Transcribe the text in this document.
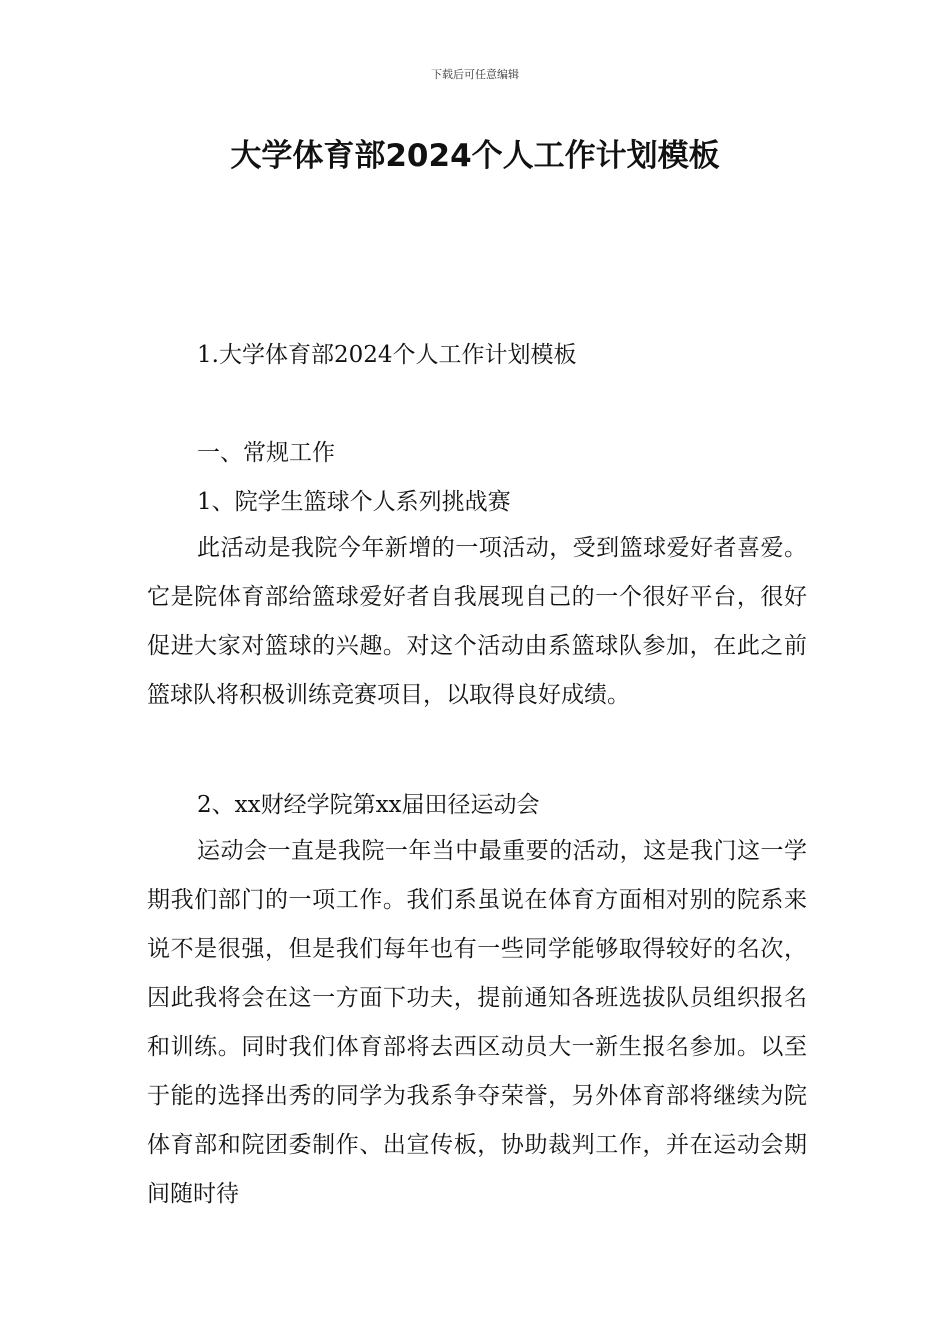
下载后可任意编辑
大学体育部2024个人工作计划模板
1.大学体育部2024个人工作计划模板
一、常规工作
1、院学生篮球个人系列挑战赛

此活动是我院今年新增的一项活动，受到篮球爱好者喜爱。它是院体育部给篮球爱好者自我展现自己的一个很好平台，很好促进大家对篮球的兴趣。对这个活动由系篮球队参加，在此之前篮球队将积极训练竞赛项目，以取得良好成绩。

2、xx财经学院第xx届田径运动会

运动会一直是我院一年当中最重要的活动，这是我门这一学期我们部门的一项工作。我们系虽说在体育方面相对别的院系来说不是很强，但是我们每年也有一些同学能够取得较好的名次，因此我将会在这一方面下功夫，提前通知各班选拔队员组织报名和训练。同时我们体育部将去西区动员大一新生报名参加。以至于能的选择出秀的同学为我系争夺荣誉，另外体育部将继续为院体育部和院团委制作、出宣传板，协助裁判工作，并在运动会期间随时待
